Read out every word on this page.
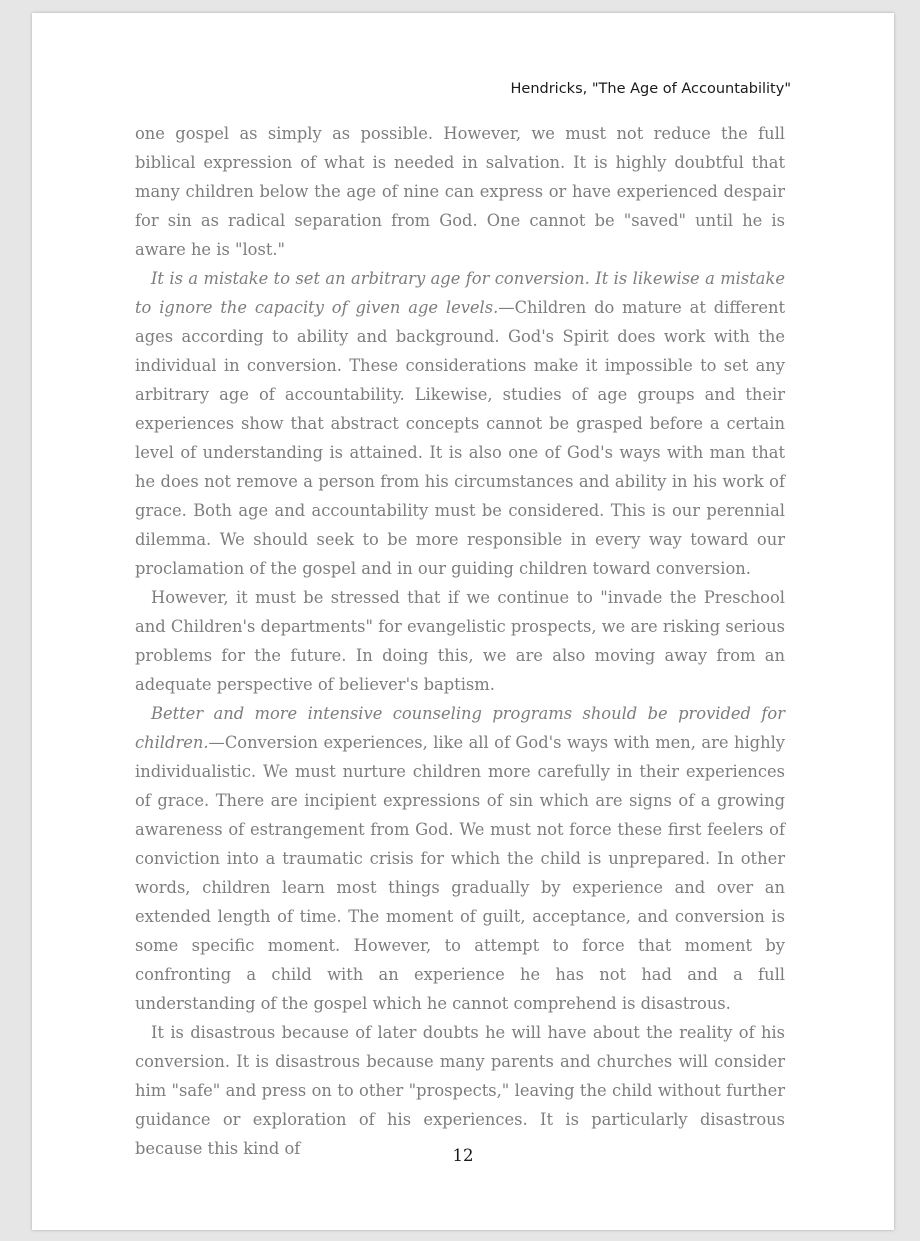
Hendricks, "The Age of Accountability"

one gospel as simply as possible. However, we must not reduce the full biblical expression of what is needed in salvation. It is highly doubtful that many children below the age of nine can express or have experienced despair for sin as radical separation from God. One cannot be "saved" until he is aware he is "lost."

It is a mistake to set an arbitrary age for conversion. It is likewise a mistake to ignore the capacity of given age levels.—Children do mature at different ages according to ability and background. God's Spirit does work with the individual in conversion. These considerations make it impossible to set any arbitrary age of accountability. Likewise, studies of age groups and their experiences show that abstract concepts cannot be grasped before a certain level of understanding is attained. It is also one of God's ways with man that he does not remove a person from his circumstances and ability in his work of grace. Both age and accountability must be considered. This is our perennial dilemma. We should seek to be more responsible in every way toward our proclamation of the gospel and in our guiding children toward conversion.

However, it must be stressed that if we continue to "invade the Preschool and Children's departments" for evangelistic prospects, we are risking serious problems for the future. In doing this, we are also moving away from an adequate perspective of believer's baptism.

Better and more intensive counseling programs should be provided for children.—Conversion experiences, like all of God's ways with men, are highly individualistic. We must nurture children more carefully in their experiences of grace. There are incipient expressions of sin which are signs of a growing awareness of estrangement from God. We must not force these first feelers of conviction into a traumatic crisis for which the child is unprepared. In other words, children learn most things gradually by experience and over an extended length of time. The moment of guilt, acceptance, and conversion is some specific moment. However, to attempt to force that moment by confronting a child with an experience he has not had and a full understanding of the gospel which he cannot comprehend is disastrous.

It is disastrous because of later doubts he will have about the reality of his conversion. It is disastrous because many parents and churches will consider him "safe" and press on to other "prospects," leaving the child without further guidance or exploration of his experiences. It is particularly disastrous because this kind of	12
